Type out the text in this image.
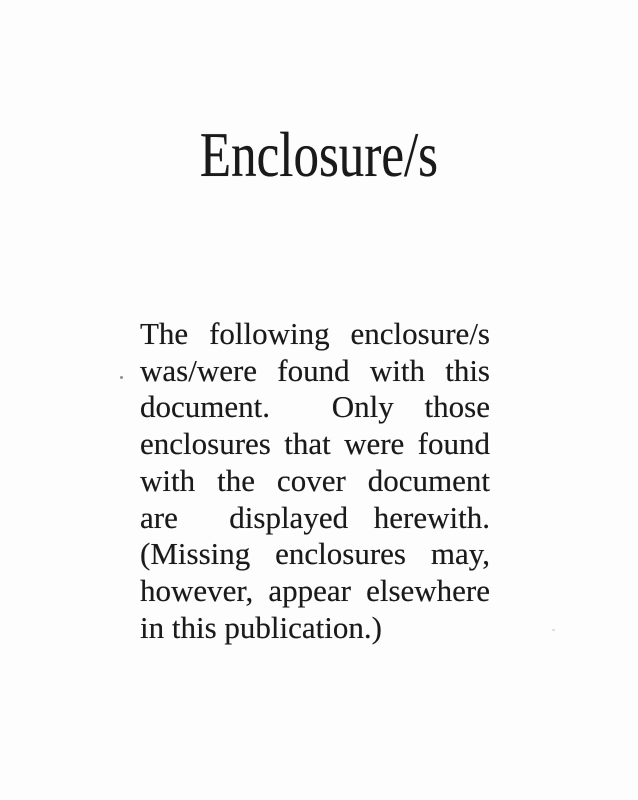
Enclosure/s
The following enclosure/s
was/were found with this
document.  Only those
enclosures that were found
with the cover document
are  displayed herewith.
(Missing enclosures may,
however, appear elsewhere
in this publication.)
